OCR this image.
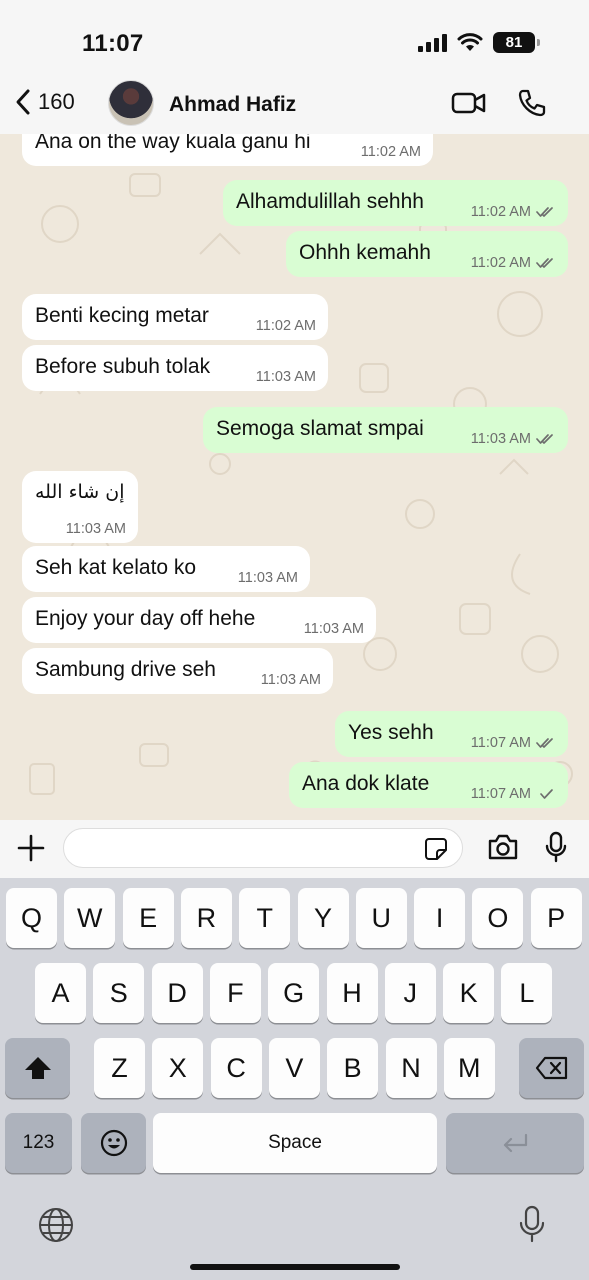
11:07	81
160	Ahmad Hafiz
Ana on the way kuala ganu hi	11:02 AM
Alhamdulillah sehhh	11:02 AM
Ohhh kemahh	11:02 AM
Benti kecing metar	11:02 AM
Before subuh tolak	11:03 AM
Semoga slamat smpai	11:03 AM
إن شاء الله
11:03 AM
Seh kat kelato ko	11:03 AM
Enjoy your day off hehe	11:03 AM
Sambung drive seh	11:03 AM
Yes sehh	11:07 AM
Ana dok klate	11:07 AM
Q	W	E	R	T	Y	U	I	O	P
A	S	D	F	G	H	J	K	L
Z	X	C	V	B	N	M
123	Space
